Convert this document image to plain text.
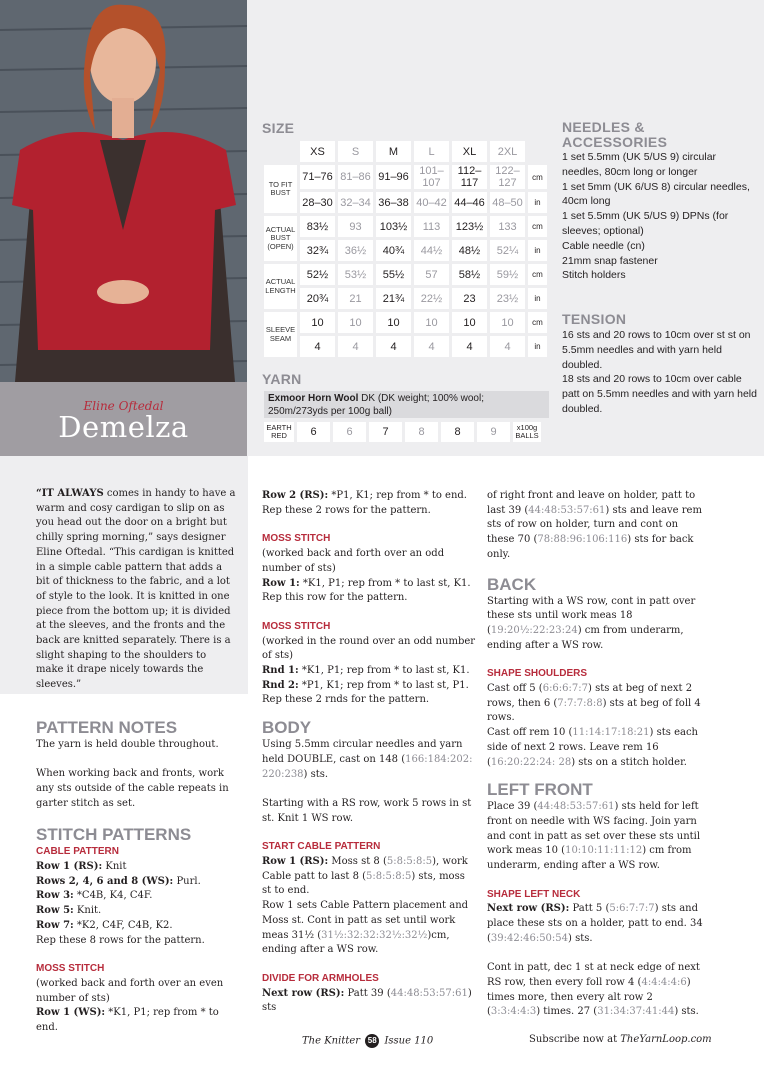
Eline Oftedal
Demelza
SIZE
	XS	S	M	L	XL	2XL	
TO FIT BUST	71–76	81–86	91–96	101–107	112–117	122–127	cm
	28–30	32–34	36–38	40–42	44–46	48–50	in
ACTUAL BUST (OPEN)	83½	93	103½	113	123½	133	cm
	32¾	36½	40¾	44½	48½	52¼	in
ACTUAL LENGTH	52½	53½	55½	57	58½	59½	cm
	20¾	21	21¾	22½	23	23½	in
SLEEVE SEAM	10	10	10	10	10	10	cm
	4	4	4	4	4	4	in
YARN
Exmoor Horn Wool DK (DK weight; 100% wool; 250m/273yds per 100g ball)
EARTH RED	6	6	7	8	8	9	x100g BALLS
NEEDLES &
ACCESSORIES
1 set 5.5mm (UK 5/US 9) circular needles, 80cm long or longer
1 set 5mm (UK 6/US 8) circular needles, 40cm long
1 set 5.5mm (UK 5/US 9) DPNs (for sleeves; optional)
Cable needle (cn)
21mm snap fastener
Stitch holders
TENSION
16 sts and 20 rows to 10cm over st st on 5.5mm needles and with yarn held doubled.
18 sts and 20 rows to 10cm over cable patt on 5.5mm needles and with yarn held doubled.

“IT ALWAYS comes in handy to have a warm and cosy cardigan to slip on as you head out the door on a bright but chilly spring morning,” says designer Eline Oftedal. “This cardigan is knitted in a simple cable pattern that adds a bit of thickness to the fabric, and a lot of style to the look. It is knitted in one piece from the bottom up; it is divided at the sleeves, and the fronts and the back are knitted separately. There is a slight shaping to the shoulders to make it drape nicely towards the sleeves.”

PATTERN NOTES

The yarn is held double throughout.

When working back and fronts, work any sts outside of the cable repeats in garter stitch as set.

STITCH PATTERNS
CABLE PATTERN

Row 1 (RS): Knit

Rows 2, 4, 6 and 8 (WS): Purl.

Row 3: *C4B, K4, C4F.

Row 5: Knit.

Row 7: *K2, C4F, C4B, K2.

Rep these 8 rows for the pattern.

MOSS STITCH

(worked back and forth over an even number of sts)

Row 1 (WS): *K1, P1; rep from * to end.

Row 2 (RS): *P1, K1; rep from * to end.

Rep these 2 rows for the pattern.

MOSS STITCH

(worked back and forth over an odd number of sts)

Row 1: *K1, P1; rep from * to last st, K1.

Rep this row for the pattern.

MOSS STITCH

(worked in the round over an odd number of sts)

Rnd 1: *K1, P1; rep from * to last st, K1.

Rnd 2: *P1, K1; rep from * to last st, P1.

Rep these 2 rnds for the pattern.

BODY

Using 5.5mm circular needles and yarn held DOUBLE, cast on 148 (166:184:202: 220:238) sts.

Starting with a RS row, work 5 rows in st st. Knit 1 WS row.

START CABLE PATTERN

Row 1 (RS): Moss st 8 (5:8:5:8:5), work Cable patt to last 8 (5:8:5:8:5) sts, moss st to end.

Row 1 sets Cable Pattern placement and Moss st. Cont in patt as set until work meas 31½ (31½:32:32:32½:32½)cm, ending after a WS row.

DIVIDE FOR ARMHOLES

Next row (RS): Patt 39 (44:48:53:57:61) sts

of right front and leave on holder, patt to last 39 (44:48:53:57:61) sts and leave rem sts of row on holder, turn and cont on these 70 (78:88:96:106:116) sts for back only.

BACK

Starting with a WS row, cont in patt over these sts until work meas 18 (19:20½:22:23:24) cm from underarm, ending after a WS row.

SHAPE SHOULDERS

Cast off 5 (6:6:6:7:7) sts at beg of next 2 rows, then 6 (7:7:7:8:8) sts at beg of foll 4 rows.

Cast off rem 10 (11:14:17:18:21) sts each side of next 2 rows. Leave rem 16 (16:20:22:24: 28) sts on a stitch holder.

LEFT FRONT

Place 39 (44:48:53:57:61) sts held for left front on needle with WS facing. Join yarn and cont in patt as set over these sts until work meas 10 (10:10:11:11:12) cm from underarm, ending after a WS row.

SHAPE LEFT NECK

Next row (RS): Patt 5 (5:6:7:7:7) sts and place these sts on a holder, patt to end. 34 (39:42:46:50:54) sts.

Cont in patt, dec 1 st at neck edge of next RS row, then every foll row 4 (4:4:4:4:6) times more, then every alt row 2 (3:3:4:4:3) times. 27 (31:34:37:41:44) sts.

The Knitter 58 Issue 110	Subscribe now at TheYarnLoop.com
